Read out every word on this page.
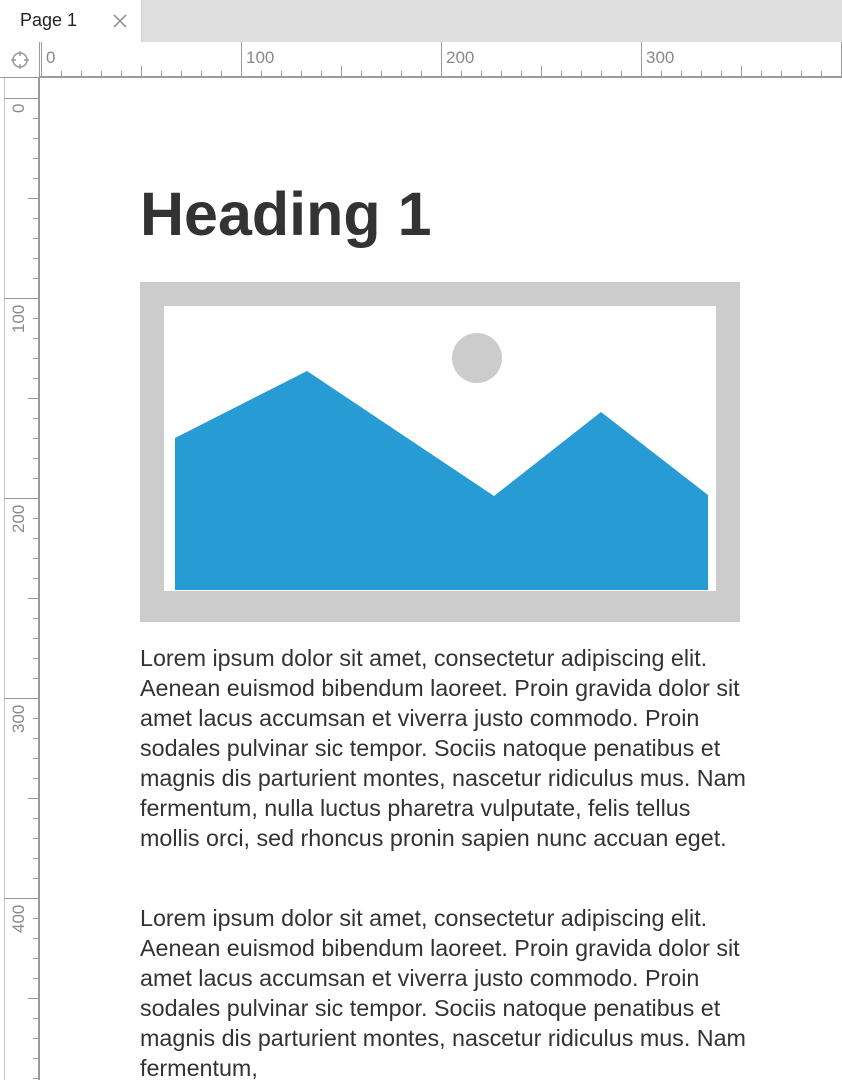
Page 1
0	100	200	300
0
100
200
300
400
Heading 1

Lorem ipsum dolor sit amet, consectetur adipiscing elit. Aenean euismod bibendum laoreet. Proin gravida dolor sit amet lacus accumsan et viverra justo commodo. Proin sodales pulvinar sic tempor. Sociis natoque penatibus et magnis dis parturient montes, nascetur ridiculus mus. Nam fermentum, nulla luctus pharetra vulputate, felis tellus mollis orci, sed rhoncus pronin sapien nunc accuan eget.

Lorem ipsum dolor sit amet, consectetur adipiscing elit. Aenean euismod bibendum laoreet. Proin gravida dolor sit amet lacus accumsan et viverra justo commodo. Proin sodales pulvinar sic tempor. Sociis natoque penatibus et magnis dis parturient montes, nascetur ridiculus mus. Nam fermentum,
